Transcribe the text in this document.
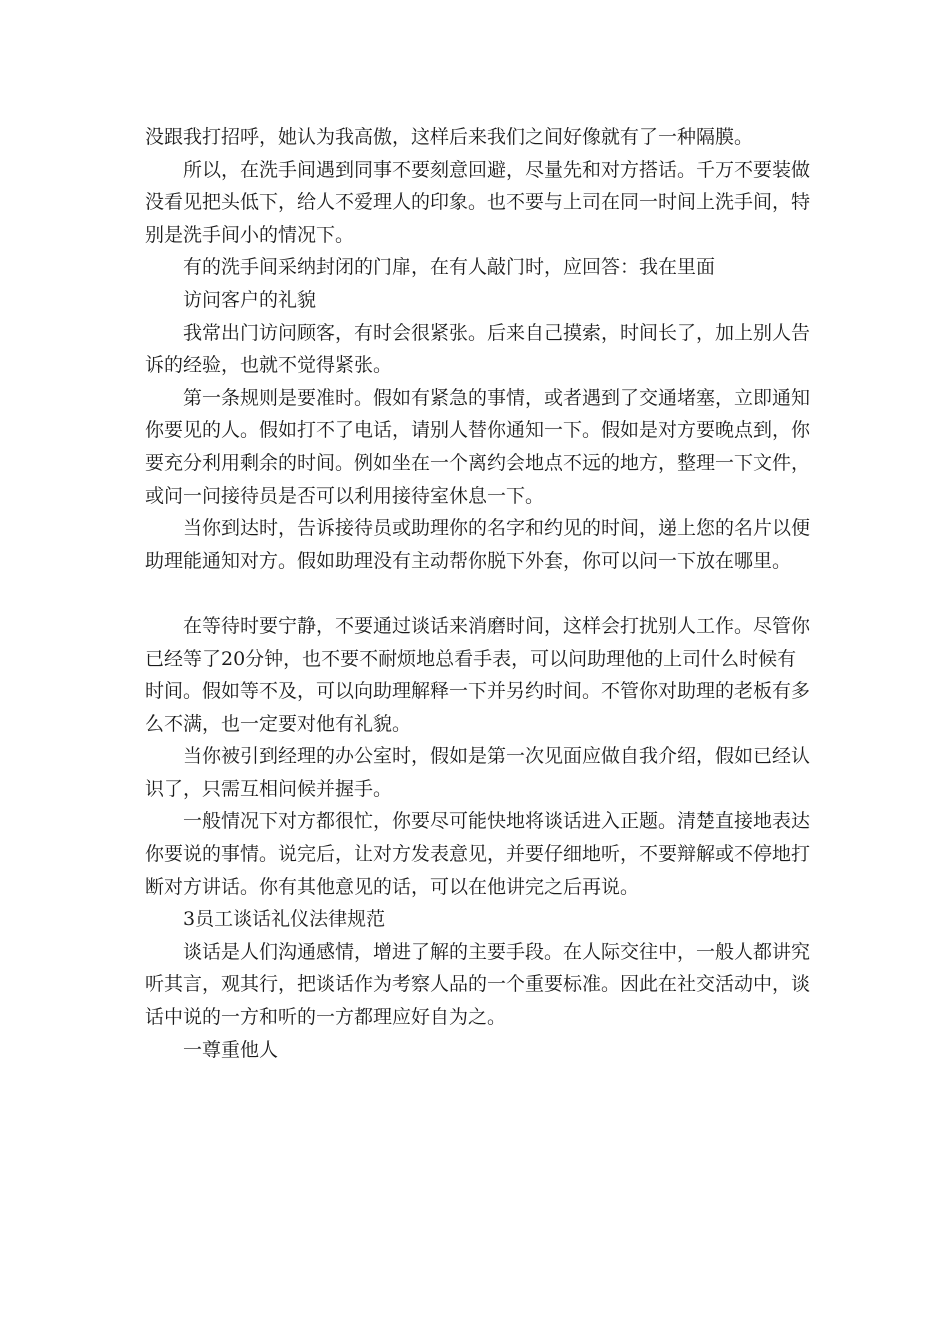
没跟我打招呼，她认为我高傲，这样后来我们之间好像就有了一种隔膜。

所以，在洗手间遇到同事不要刻意回避，尽量先和对方搭话。千万不要装做没看见把头低下，给人不爱理人的印象。也不要与上司在同一时间上洗手间，特别是洗手间小的情况下。

有的洗手间采纳封闭的门扉，在有人敲门时，应回答：我在里面

访问客户的礼貌

我常出门访问顾客，有时会很紧张。后来自己摸索，时间长了，加上别人告诉的经验，也就不觉得紧张。

第一条规则是要准时。假如有紧急的事情，或者遇到了交通堵塞，立即通知你要见的人。假如打不了电话，请别人替你通知一下。假如是对方要晚点到，你要充分利用剩余的时间。例如坐在一个离约会地点不远的地方，整理一下文件，或问一问接待员是否可以利用接待室休息一下。

当你到达时，告诉接待员或助理你的名字和约见的时间，递上您的名片以便助理能通知对方。假如助理没有主动帮你脱下外套，你可以问一下放在哪里。

在等待时要宁静，不要通过谈话来消磨时间，这样会打扰别人工作。尽管你已经等了20分钟，也不要不耐烦地总看手表，可以问助理他的上司什么时候有时间。假如等不及，可以向助理解释一下并另约时间。不管你对助理的老板有多么不满，也一定要对他有礼貌。

当你被引到经理的办公室时，假如是第一次见面应做自我介绍，假如已经认识了，只需互相问候并握手。

一般情况下对方都很忙，你要尽可能快地将谈话进入正题。清楚直接地表达你要说的事情。说完后，让对方发表意见，并要仔细地听，不要辩解或不停地打断对方讲话。你有其他意见的话，可以在他讲完之后再说。

3员工谈话礼仪法律规范

谈话是人们沟通感情，增进了解的主要手段。在人际交往中，一般人都讲究听其言，观其行，把谈话作为考察人品的一个重要标准。因此在社交活动中，谈话中说的一方和听的一方都理应好自为之。

一尊重他人
